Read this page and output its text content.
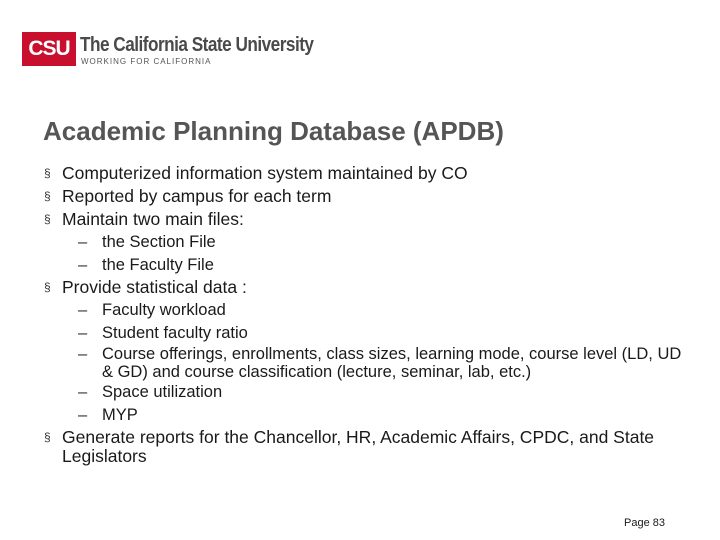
CSU The California State University
WORKING FOR CALIFORNIA
Academic Planning Database (APDB)
§ Computerized information system maintained by CO
§ Reported by campus for each term
§ Maintain two main files:
– the Section File
– the Faculty File
§ Provide statistical data :
– Faculty workload
– Student faculty ratio
– Course offerings, enrollments, class sizes, learning mode, course level (LD, UD & GD) and course classification (lecture, seminar, lab, etc.)
– Space utilization
– MYP
§ Generate reports for the Chancellor, HR, Academic Affairs, CPDC, and State Legislators
Page 83
